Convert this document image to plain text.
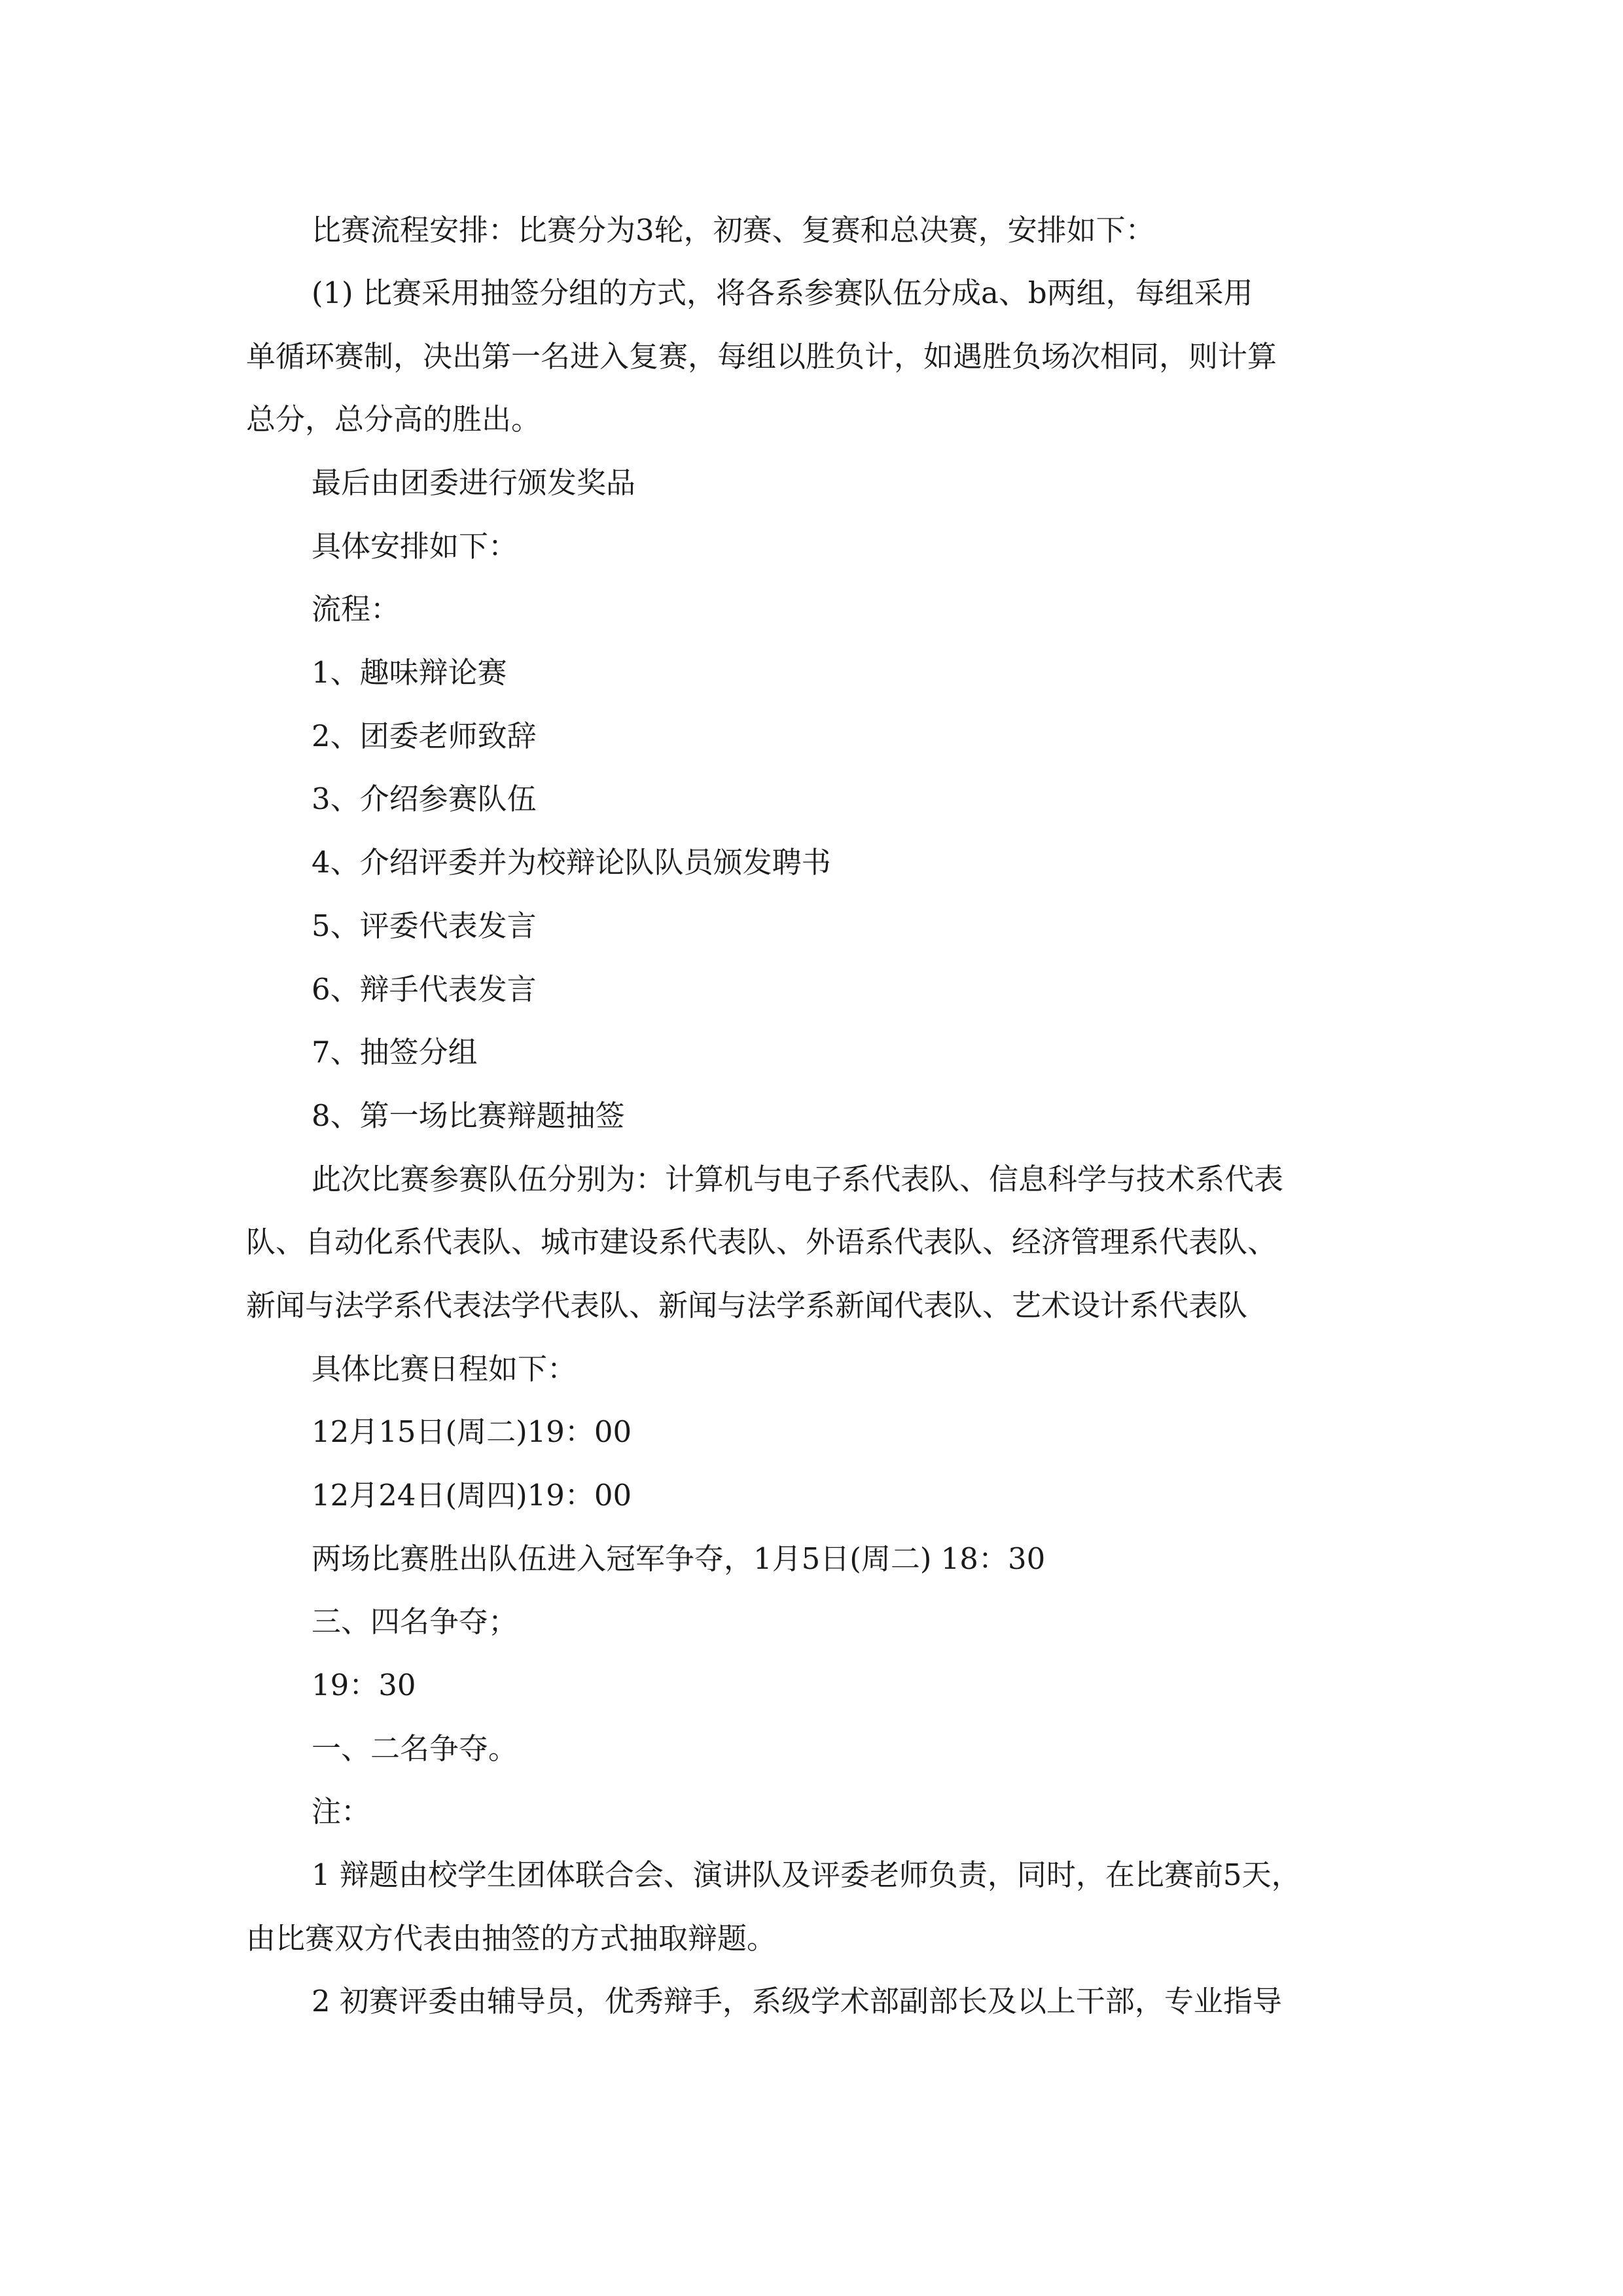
比赛流程安排：比赛分为3轮，初赛、复赛和总决赛，安排如下：

(1) 比赛采用抽签分组的方式，将各系参赛队伍分成a、b两组，每组采用

单循环赛制，决出第一名进入复赛，每组以胜负计，如遇胜负场次相同，则计算

总分，总分高的胜出。

最后由团委进行颁发奖品

具体安排如下：

流程：

1、趣味辩论赛

2、团委老师致辞

3、介绍参赛队伍

4、介绍评委并为校辩论队队员颁发聘书

5、评委代表发言

6、辩手代表发言

7、抽签分组

8、第一场比赛辩题抽签

此次比赛参赛队伍分别为：计算机与电子系代表队、信息科学与技术系代表

队、自动化系代表队、城市建设系代表队、外语系代表队、经济管理系代表队、

新闻与法学系代表法学代表队、新闻与法学系新闻代表队、艺术设计系代表队

具体比赛日程如下：

12月15日(周二)19：00

12月24日(周四)19：00

两场比赛胜出队伍进入冠军争夺，1月5日(周二) 18：30

三、四名争夺；

19：30

一、二名争夺。

注：

1 辩题由校学生团体联合会、演讲队及评委老师负责，同时，在比赛前5天，

由比赛双方代表由抽签的方式抽取辩题。

2 初赛评委由辅导员，优秀辩手，系级学术部副部长及以上干部，专业指导
